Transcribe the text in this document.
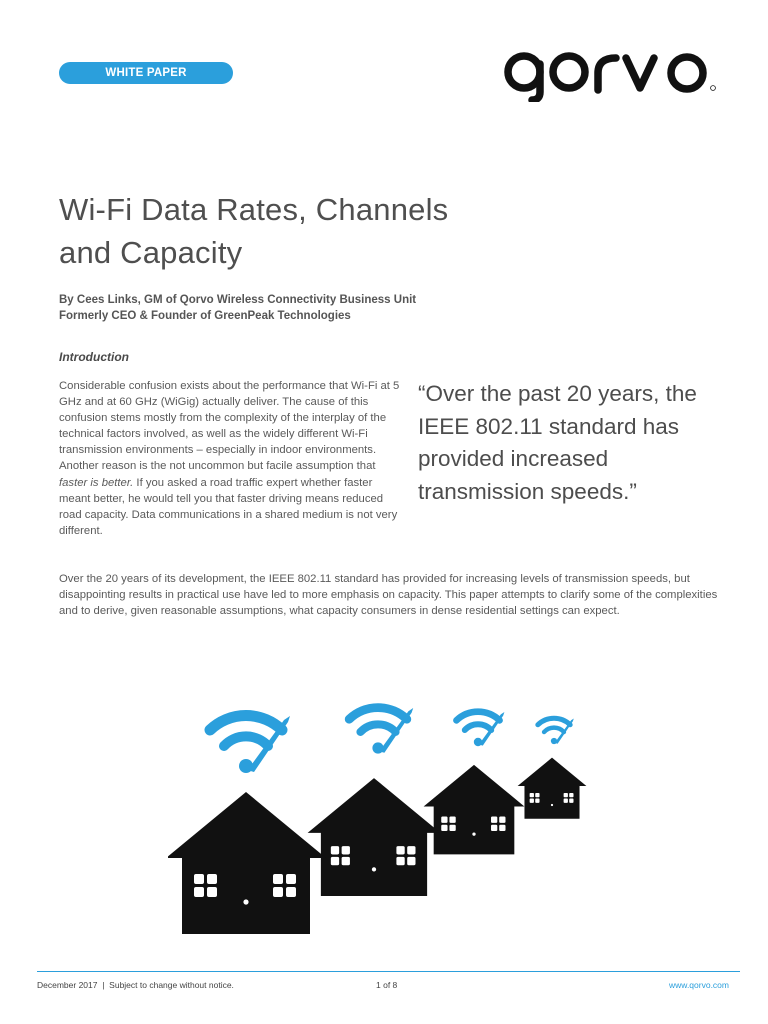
WHITE PAPER
Wi-Fi Data Rates, Channels
and Capacity
By Cees Links, GM of Qorvo Wireless Connectivity Business Unit
Formerly CEO & Founder of GreenPeak Technologies
Introduction

Considerable confusion exists about the performance that Wi-Fi at 5 GHz and at 60 GHz (WiGig) actually deliver. The cause of this confusion stems mostly from the complexity of the interplay of the technical factors involved, as well as the widely different Wi-Fi transmission environments – especially in indoor environments. Another reason is the not uncommon but facile assumption that faster is better. If you asked a road traffic expert whether faster meant better, he would tell you that faster driving means reduced road capacity. Data communications in a shared medium is not very different.

“Over the past 20 years, the IEEE 802.11 standard has provided increased transmission speeds.”

Over the 20 years of its development, the IEEE 802.11 standard has provided for increasing levels of transmission speeds, but disappointing results in practical use have led to more emphasis on capacity. This paper attempts to clarify some of the complexities and to derive, given reasonable assumptions, what capacity consumers in dense residential settings can expect.

December 2017 | Subject to change without notice.	1 of 8	www.qorvo.com
